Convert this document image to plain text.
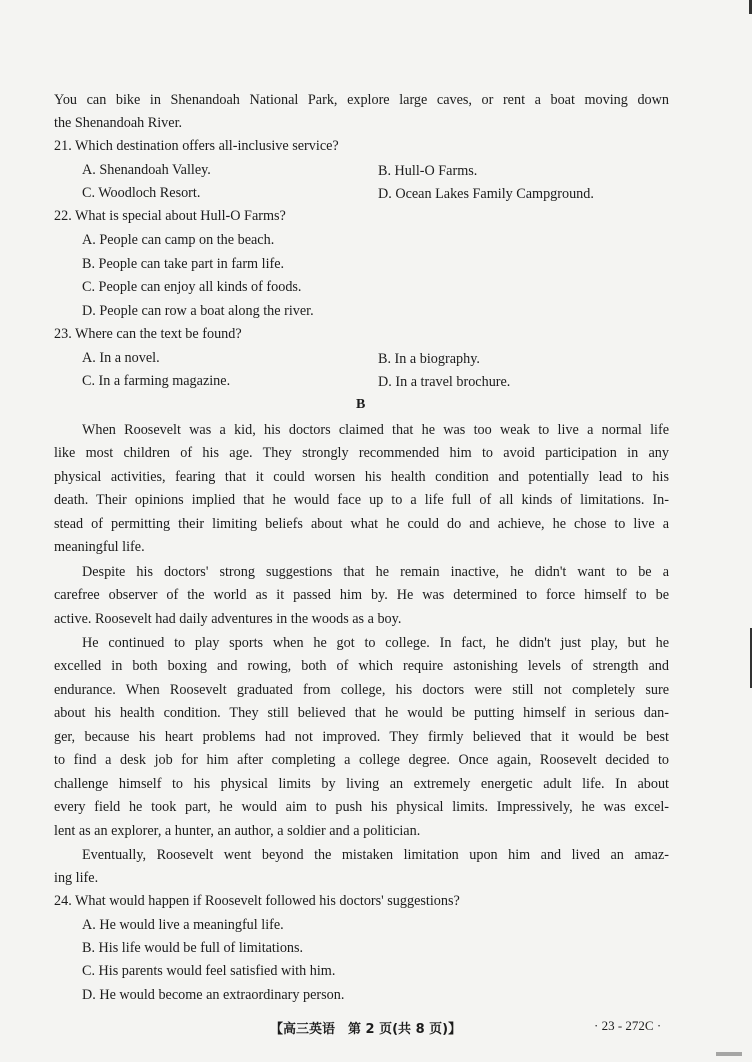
You can bike in Shenandoah National Park, explore large caves, or rent a boat moving down
the Shenandoah River.
21. Which destination offers all-inclusive service?
A. Shenandoah Valley.	B. Hull-O Farms.
C. Woodloch Resort.	D. Ocean Lakes Family Campground.
22. What is special about Hull-O Farms?
A. People can camp on the beach.
B. People can take part in farm life.
C. People can enjoy all kinds of foods.
D. People can row a boat along the river.
23. Where can the text be found?
A. In a novel.	B. In a biography.
C. In a farming magazine.	D. In a travel brochure.
B
When Roosevelt was a kid, his doctors claimed that he was too weak to live a normal life
like most children of his age. They strongly recommended him to avoid participation in any
physical activities, fearing that it could worsen his health condition and potentially lead to his
death. Their opinions implied that he would face up to a life full of all kinds of limitations. In-
stead of permitting their limiting beliefs about what he could do and achieve, he chose to live a
meaningful life.
Despite his doctors' strong suggestions that he remain inactive, he didn't want to be a
carefree observer of the world as it passed him by. He was determined to force himself to be
active. Roosevelt had daily adventures in the woods as a boy.
He continued to play sports when he got to college. In fact, he didn't just play, but he
excelled in both boxing and rowing, both of which require astonishing levels of strength and
endurance. When Roosevelt graduated from college, his doctors were still not completely sure
about his health condition. They still believed that he would be putting himself in serious dan-
ger, because his heart problems had not improved. They firmly believed that it would be best
to find a desk job for him after completing a college degree. Once again, Roosevelt decided to
challenge himself to his physical limits by living an extremely energetic adult life. In about
every field he took part, he would aim to push his physical limits. Impressively, he was excel-
lent as an explorer, a hunter, an author, a soldier and a politician.
Eventually, Roosevelt went beyond the mistaken limitation upon him and lived an amaz-
ing life.
24. What would happen if Roosevelt followed his doctors' suggestions?
A. He would live a meaningful life.
B. His life would be full of limitations.
C. His parents would feel satisfied with him.
D. He would become an extraordinary person.
【高三英语　第 2 页(共 8 页)】	· 23 - 272C ·
